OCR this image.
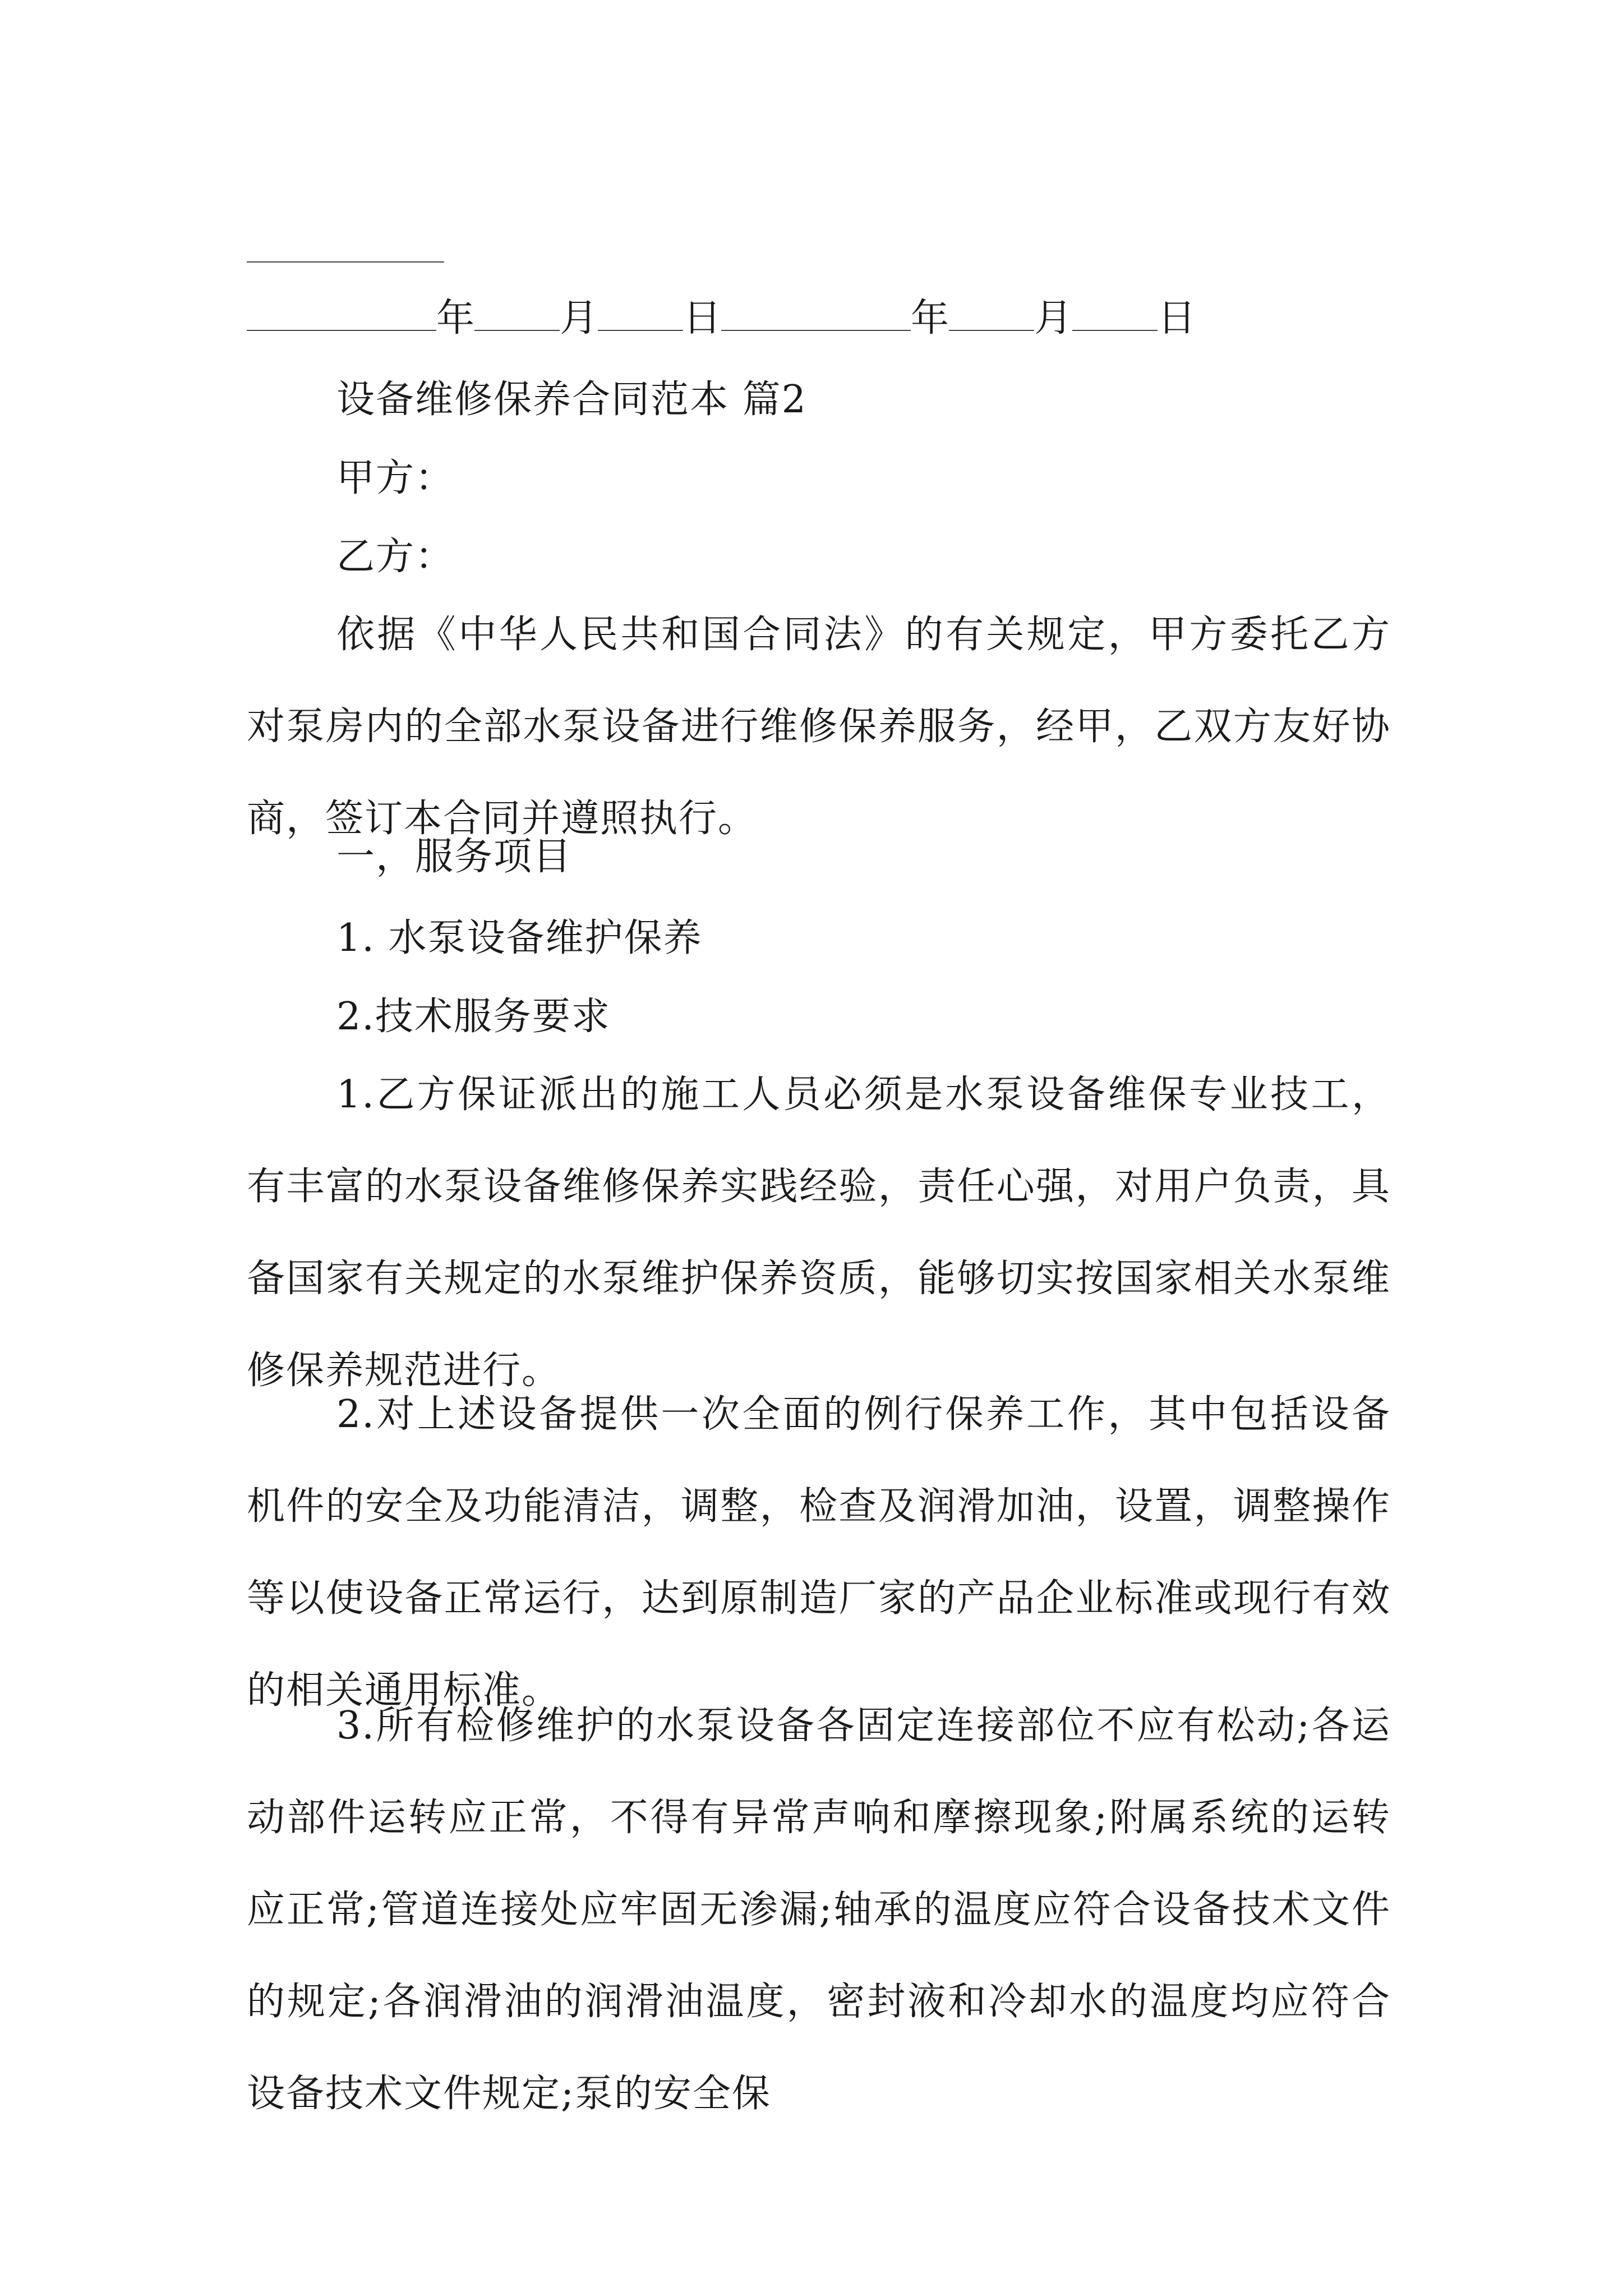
年 月 日	年 月 日
设备维修保养合同范本 篇2
甲方：
乙方：

依据《中华人民共和国合同法》的有关规定，甲方委托乙方对泵房内的全部水泵设备进行维修保养服务，经甲，乙双方友好协商，签订本合同并遵照执行。

一，服务项目
1. 水泵设备维护保养
2.技术服务要求

1.乙方保证派出的施工人员必须是水泵设备维保专业技工，有丰富的水泵设备维修保养实践经验，责任心强，对用户负责，具备国家有关规定的水泵维护保养资质，能够切实按国家相关水泵维修保养规范进行。

2.对上述设备提供一次全面的例行保养工作，其中包括设备机件的安全及功能清洁，调整，检查及润滑加油，设置，调整操作等以使设备正常运行，达到原制造厂家的产品企业标准或现行有效的相关通用标准。

3.所有检修维护的水泵设备各固定连接部位不应有松动;各运动部件运转应正常，不得有异常声响和摩擦现象;附属系统的运转应正常;管道连接处应牢固无渗漏;轴承的温度应符合设备技术文件的规定;各润滑油的润滑油温度，密封液和冷却水的温度均应符合设备技术文件规定;泵的安全保
